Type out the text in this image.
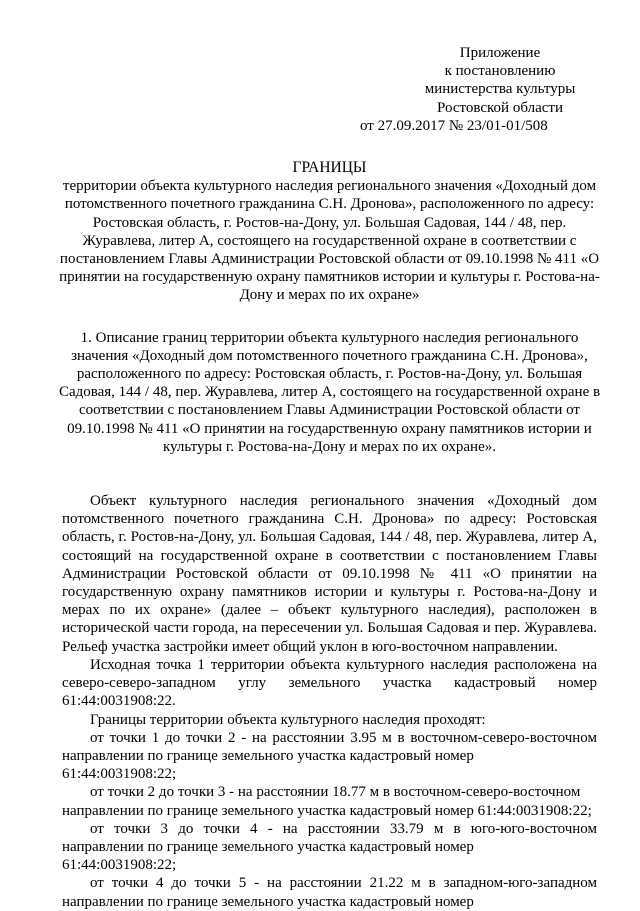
Приложение
к постановлению
министерства культуры
Ростовской области
от 27.09.2017 № 23/01-01/508
ГРАНИЦЫ
территории объекта культурного наследия регионального значения «Доходный дом потомственного почетного гражданина С.Н. Дронова», расположенного по адресу: Ростовская область, г. Ростов-на-Дону, ул. Большая Садовая, 144 / 48, пер. Журавлева, литер А, состоящего на государственной охране в соответствии с постановлением Главы Администрации Ростовской области от 09.10.1998 № 411 «О принятии на государственную охрану памятников истории и культуры г. Ростова-на-Дону и мерах по их охране»
1. Описание границ территории объекта культурного наследия регионального значения «Доходный дом потомственного почетного гражданина С.Н. Дронова», расположенного по адресу: Ростовская область, г. Ростов-на-Дону, ул. Большая Садовая, 144 / 48, пер. Журавлева, литер А, состоящего на государственной охране в соответствии с постановлением Главы Администрации Ростовской области от 09.10.1998 № 411 «О принятии на государственную охрану памятников истории и культуры г. Ростова-на-Дону и мерах по их охране».
Объект культурного наследия регионального значения «Доходный дом потомственного почетного гражданина С.Н. Дронова» по адресу: Ростовская область, г. Ростов-на-Дону, ул. Большая Садовая, 144 / 48, пер. Журавлева, литер А, состоящий на государственной охране в соответствии с постановлением Главы Администрации Ростовской области от 09.10.1998 № 411 «О принятии на государственную охрану памятников истории и культуры г. Ростова-на-Дону и мерах по их охране» (далее – объект культурного наследия), расположен в исторической части города, на пересечении ул. Большая Садовая и пер. Журавлева. Рельеф участка застройки имеет общий уклон в юго-восточном направлении.
Исходная точка 1 территории объекта культурного наследия расположена на северо-северо-западном углу земельного участка кадастровый номер 61:44:0031908:22.
Границы территории объекта культурного наследия проходят:
от точки 1 до точки 2 - на расстоянии 3.95 м в восточном-северо-восточном направлении по границе земельного участка кадастровый номер
61:44:0031908:22;
от точки 2 до точки 3 - на расстоянии 18.77 м в восточном-северо-восточном
направлении по границе земельного участка кадастровый номер 61:44:0031908:22;
от точки 3 до точки 4 - на расстоянии 33.79 м в юго-юго-восточном направлении по границе земельного участка кадастровый номер
61:44:0031908:22;
от точки 4 до точки 5 - на расстоянии 21.22 м в западном-юго-западном направлении по границе земельного участка кадастровый номер
